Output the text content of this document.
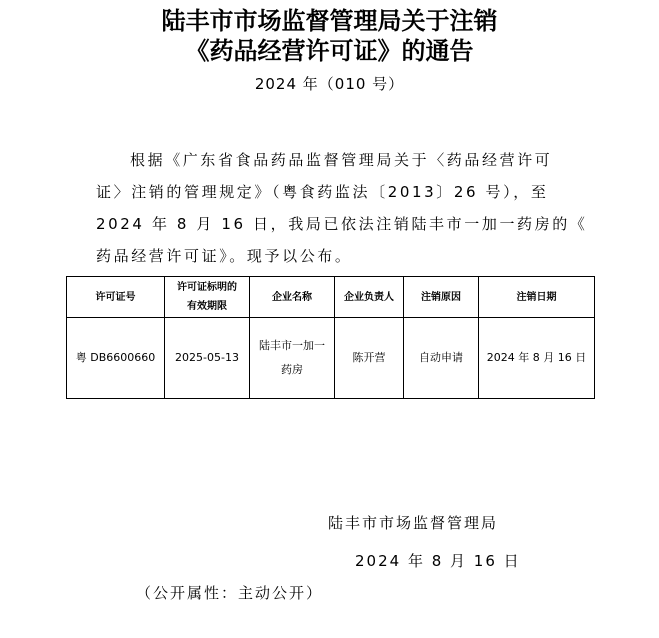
陆丰市市场监督管理局关于注销
《药品经营许可证》的通告
2024 年（010 号）
根据《广东省食品药品监督管理局关于〈药品经营许可
证〉注销的管理规定》（粤食药监法〔2013〕26 号），至
2024 年 8 月 16 日，我局已依法注销陆丰市一加一药房的《
药品经营许可证》。现予以公布。
许可证号	许可证标明的
有效期限	企业名称	企业负责人	注销原因	注销日期
粤 DB6600660	2025-05-13	陆丰市一加一
药房	陈开营	自动申请	2024 年 8 月 16 日
陆丰市市场监督管理局
2024 年 8 月 16 日
（公开属性：主动公开）
